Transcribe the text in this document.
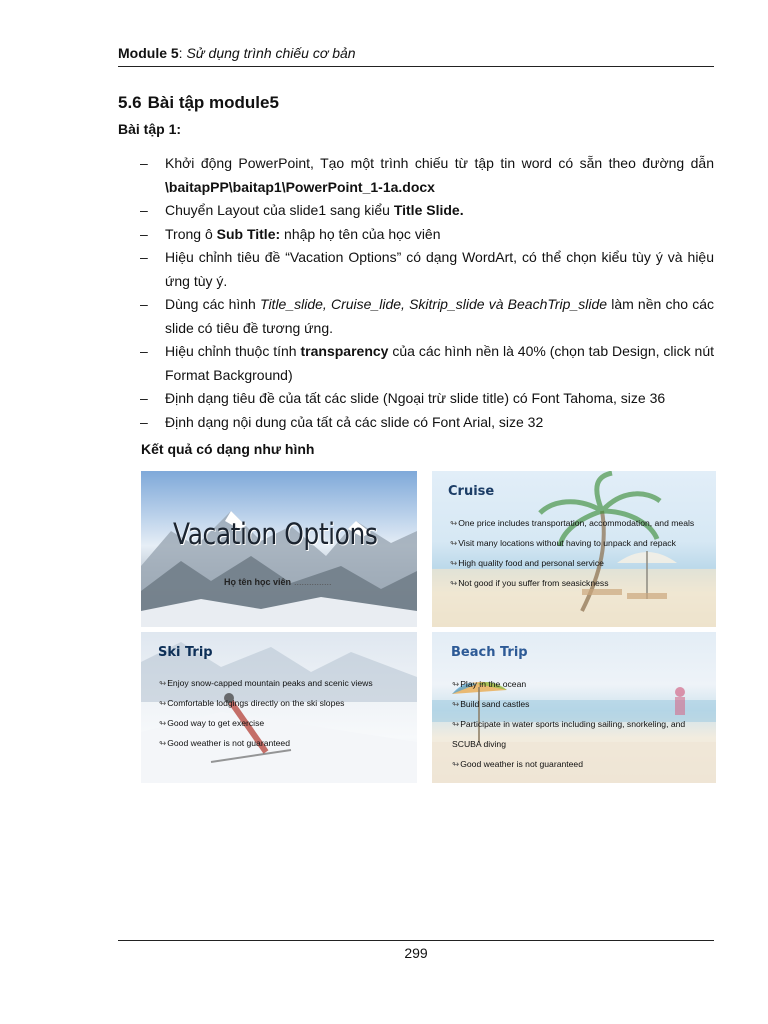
Module 5: Sử dụng trình chiếu cơ bản
5.6 Bài tập module5
Bài tập 1:
– Khởi động PowerPoint, Tạo một trình chiếu từ tập tin word có sẵn theo đường dẫn \baitapPP\baitap1\PowerPoint_1-1a.docx
– Chuyển Layout của slide1 sang kiểu Title Slide.
– Trong ô Sub Title: nhập họ tên của học viên
– Hiệu chỉnh tiêu đề “Vacation Options” có dạng WordArt, có thể chọn kiểu tùy ý và hiệu ứng tùy ý.
– Dùng các hình Title_slide, Cruise_lide, Skitrip_slide và BeachTrip_slide làm nền cho các slide có tiêu đề tương ứng.
– Hiệu chỉnh thuộc tính transparency của các hình nền là 40% (chọn tab Design, click nút Format Background)
– Định dạng tiêu đề của tất các slide (Ngoại trừ slide title) có Font Tahoma, size 36
– Định dạng nội dung của tất cả các slide có Font Arial, size 32
Kết quả có dạng như hình
Vacation Options
Họ tên học viên ...............
Cruise
↬One price includes transportation, accommodation, and meals
↬Visit many locations without having to unpack and repack
↬High quality food and personal service
↬Not good if you suffer from seasickness
Ski Trip
↬Enjoy snow-capped mountain peaks and scenic views
↬Comfortable lodgings directly on the ski slopes
↬Good way to get exercise
↬Good weather is not guaranteed
Beach Trip
↬Play in the ocean
↬Build sand castles
↬Participate in water sports including sailing, snorkeling, and SCUBA diving
↬Good weather is not guaranteed
299
